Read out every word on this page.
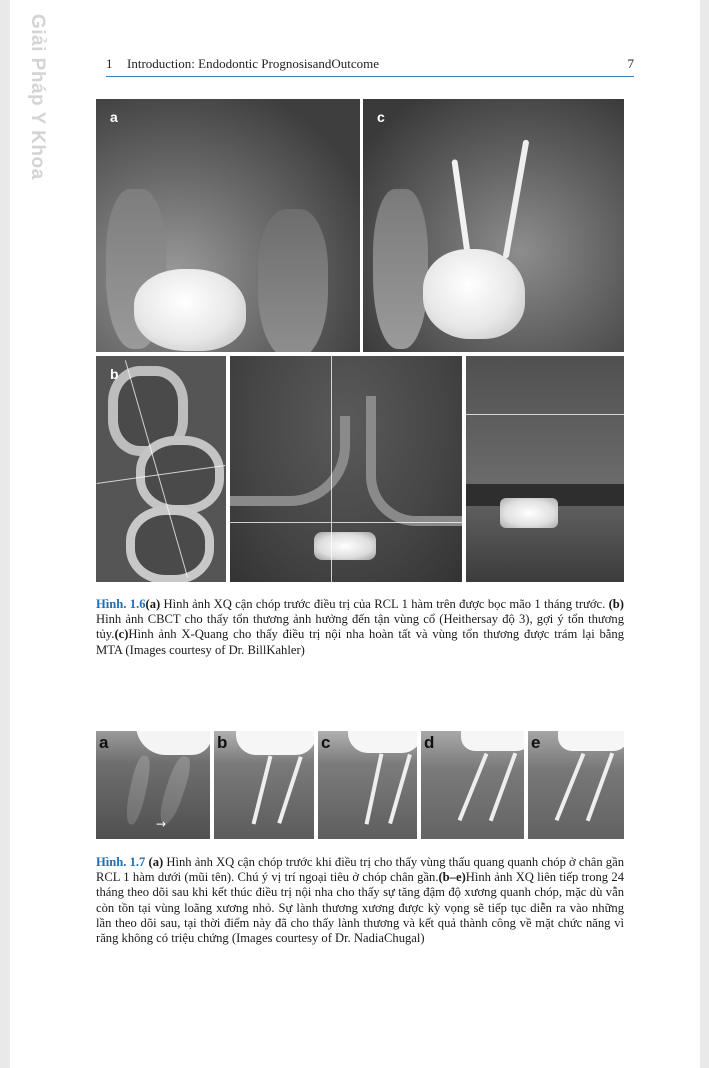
Giải Pháp Y Khoa	1 Introduction: Endodontic PrognosisandOutcome	7
a	c
b
Hình. 1.6(a) Hình ảnh XQ cận chóp trước điều trị của RCL 1 hàm trên được bọc mão 1 tháng trước. (b) Hình ảnh CBCT cho thấy tổn thương ảnh hưởng đến tận vùng cổ (Heithersay độ 3), gợi ý tổn thương tủy.(c)Hình ảnh X-Quang cho thấy điều trị nội nha hoàn tất và vùng tổn thương được trám lại bằng MTA (Images courtesy of Dr. BillKahler)
a
→
b	c	d	e
Hình. 1.7 (a) Hình ảnh XQ cận chóp trước khi điều trị cho thấy vùng thấu quang quanh chóp ở chân gần RCL 1 hàm dưới (mũi tên). Chú ý vị trí ngoại tiêu ở chóp chân gần.(b–e)Hình ảnh XQ liên tiếp trong 24 tháng theo dõi sau khi kết thúc điều trị nội nha cho thấy sự tăng đậm độ xương quanh chóp, mặc dù vẫn còn tồn tại vùng loãng xương nhỏ. Sự lành thương xương được kỳ vọng sẽ tiếp tục diễn ra vào những lần theo dõi sau, tại thời điểm này đã cho thấy lành thương và kết quả thành công về mặt chức năng vì răng không có triệu chứng (Images courtesy of Dr. NadiaChugal)
